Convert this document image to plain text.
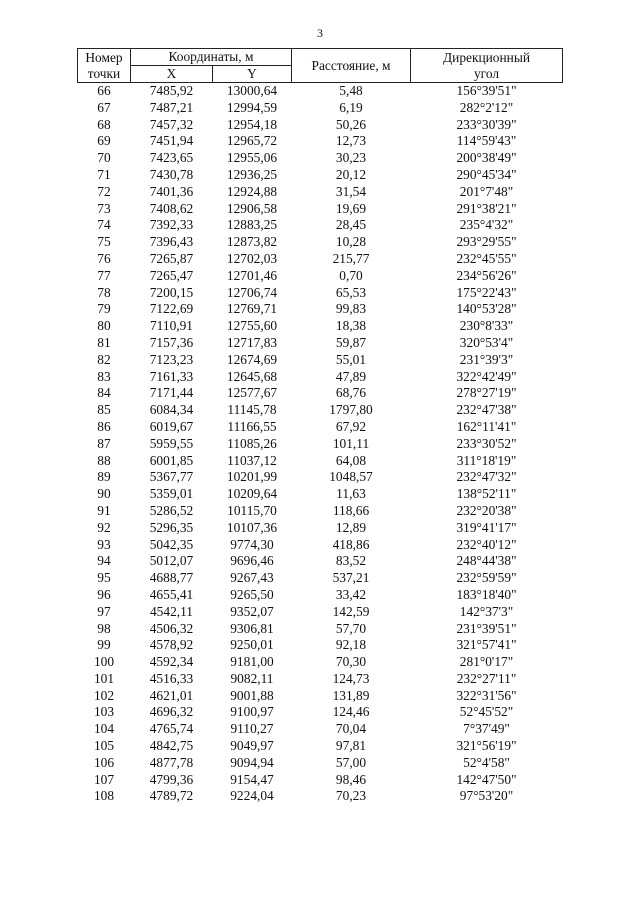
3
Номер
точки	Координаты, м		Расстояние, м	Дирекционный
угол
	X	Y		
66	7485,92	13000,64	5,48	156°39'51"
67	7487,21	12994,59	6,19	282°2'12"
68	7457,32	12954,18	50,26	233°30'39"
69	7451,94	12965,72	12,73	114°59'43"
70	7423,65	12955,06	30,23	200°38'49"
71	7430,78	12936,25	20,12	290°45'34"
72	7401,36	12924,88	31,54	201°7'48"
73	7408,62	12906,58	19,69	291°38'21"
74	7392,33	12883,25	28,45	235°4'32"
75	7396,43	12873,82	10,28	293°29'55"
76	7265,87	12702,03	215,77	232°45'55"
77	7265,47	12701,46	0,70	234°56'26"
78	7200,15	12706,74	65,53	175°22'43"
79	7122,69	12769,71	99,83	140°53'28"
80	7110,91	12755,60	18,38	230°8'33"
81	7157,36	12717,83	59,87	320°53'4"
82	7123,23	12674,69	55,01	231°39'3"
83	7161,33	12645,68	47,89	322°42'49"
84	7171,44	12577,67	68,76	278°27'19"
85	6084,34	11145,78	1797,80	232°47'38"
86	6019,67	11166,55	67,92	162°11'41"
87	5959,55	11085,26	101,11	233°30'52"
88	6001,85	11037,12	64,08	311°18'19"
89	5367,77	10201,99	1048,57	232°47'32"
90	5359,01	10209,64	11,63	138°52'11"
91	5286,52	10115,70	118,66	232°20'38"
92	5296,35	10107,36	12,89	319°41'17"
93	5042,35	9774,30	418,86	232°40'12"
94	5012,07	9696,46	83,52	248°44'38"
95	4688,77	9267,43	537,21	232°59'59"
96	4655,41	9265,50	33,42	183°18'40"
97	4542,11	9352,07	142,59	142°37'3"
98	4506,32	9306,81	57,70	231°39'51"
99	4578,92	9250,01	92,18	321°57'41"
100	4592,34	9181,00	70,30	281°0'17"
101	4516,33	9082,11	124,73	232°27'11"
102	4621,01	9001,88	131,89	322°31'56"
103	4696,32	9100,97	124,46	52°45'52"
104	4765,74	9110,27	70,04	7°37'49"
105	4842,75	9049,97	97,81	321°56'19"
106	4877,78	9094,94	57,00	52°4'58"
107	4799,36	9154,47	98,46	142°47'50"
108	4789,72	9224,04	70,23	97°53'20"
